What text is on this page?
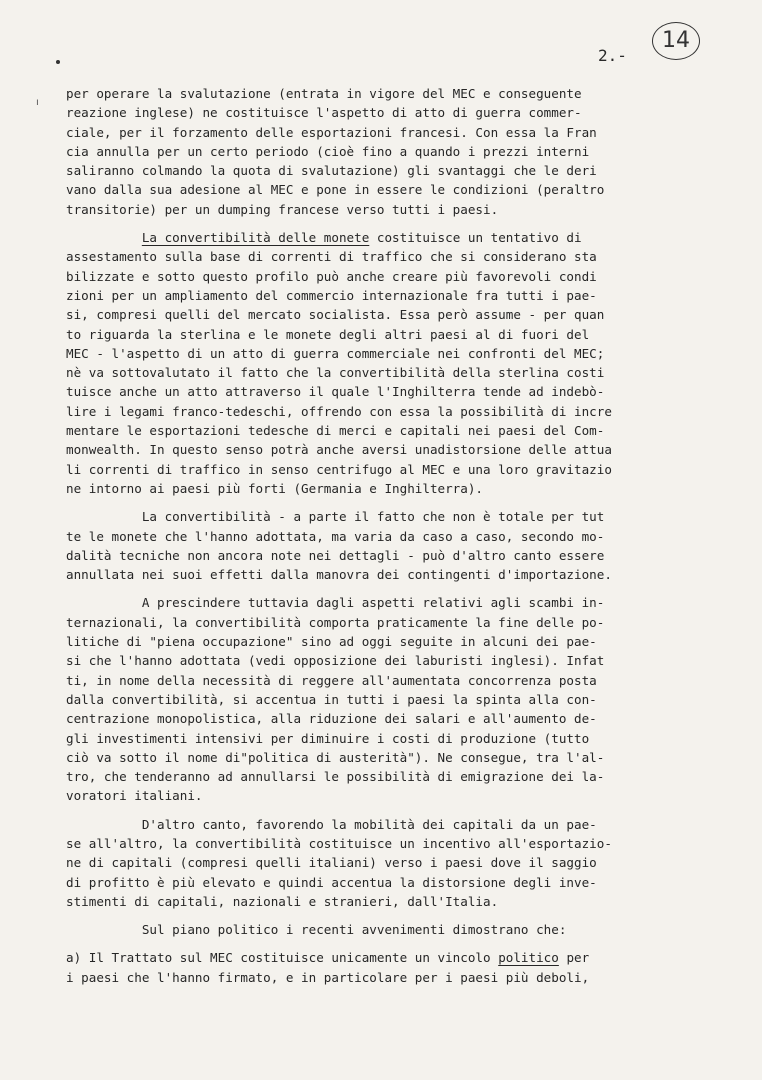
ı
2.-
14
per operare la svalutazione (entrata in vigore del MEC e conseguente
reazione inglese) ne costituisce l'aspetto di atto di guerra commer-
ciale, per il forzamento delle esportazioni francesi. Con essa la Fran
cia annulla per un certo periodo (cioè fino a quando i prezzi interni
saliranno colmando la quota di svalutazione) gli svantaggi che le deri
vano dalla sua adesione al MEC e pone in essere le condizioni (peraltro
transitorie) per un dumping francese verso tutti i paesi.
La convertibilità delle monete costituisce un tentativo di
assestamento sulla base di correnti di traffico che si considerano sta
bilizzate e sotto questo profilo può anche creare più favorevoli condi
zioni per un ampliamento del commercio internazionale fra tutti i pae-
si, compresi quelli del mercato socialista. Essa però assume - per quan
to riguarda la sterlina e le monete degli altri paesi al di fuori del
MEC - l'aspetto di un atto di guerra commerciale nei confronti del MEC;
nè va sottovalutato il fatto che la convertibilità della sterlina costi
tuisce anche un atto attraverso il quale l'Inghilterra tende ad indebò-
lire i legami franco-tedeschi, offrendo con essa la possibilità di incre
mentare le esportazioni tedesche di merci e capitali nei paesi del Com-
monwealth. In questo senso potrà anche aversi unadistorsione delle attua
li correnti di traffico in senso centrifugo al MEC e una loro gravitazio
ne intorno ai paesi più forti (Germania e Inghilterra).
La convertibilità - a parte il fatto che non è totale per tut
te le monete che l'hanno adottata, ma varia da caso a caso, secondo mo-
dalità tecniche non ancora note nei dettagli - può d'altro canto essere
annullata nei suoi effetti dalla manovra dei contingenti d'importazione.
A prescindere tuttavia dagli aspetti relativi agli scambi in-
ternazionali, la convertibilità comporta praticamente la fine delle po-
litiche di "piena occupazione" sino ad oggi seguite in alcuni dei pae-
si che l'hanno adottata (vedi opposizione dei laburisti inglesi). Infat
ti, in nome della necessità di reggere all'aumentata concorrenza posta
dalla convertibilità, si accentua in tutti i paesi la spinta alla con-
centrazione monopolistica, alla riduzione dei salari e all'aumento de-
gli investimenti intensivi per diminuire i costi di produzione (tutto
ciò va sotto il nome di"politica di austerità"). Ne consegue, tra l'al-
tro, che tenderanno ad annullarsi le possibilità di emigrazione dei la-
voratori italiani.
D'altro canto, favorendo la mobilità dei capitali da un pae-
se all'altro, la convertibilità costituisce un incentivo all'esportazio-
ne di capitali (compresi quelli italiani) verso i paesi dove il saggio
di profitto è più elevato e quindi accentua la distorsione degli inve-
stimenti di capitali, nazionali e stranieri, dall'Italia.
Sul piano politico i recenti avvenimenti dimostrano che:
a) Il Trattato sul MEC costituisce unicamente un vincolo politico per
i paesi che l'hanno firmato, e in particolare per i paesi più deboli,
